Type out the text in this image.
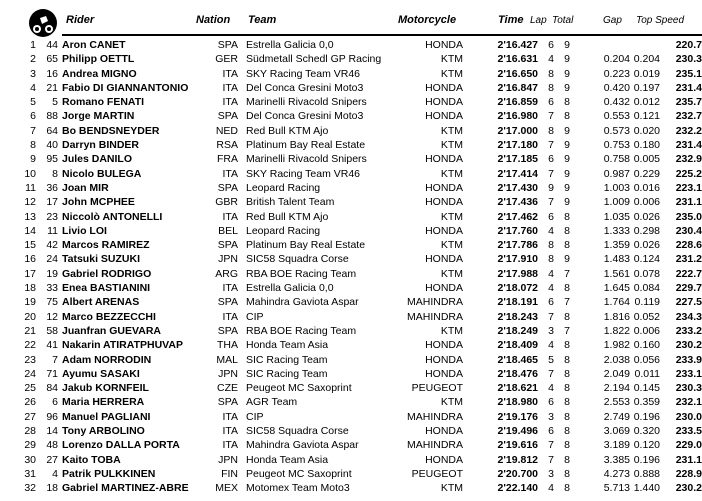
Rider	Nation Team	Motorcycle	Time Lap Total	Gap Top Speed
1 44 Aron CANET	SPA Estrella Galicia 0,0	HONDA	2'16.427 6 9	220.7
2 65 Philipp OETTL	GER Südmetall Schedl GP Racing	KTM	2'16.631 4 9	0.204 0.204	230.3
3 16 Andrea MIGNO	ITA SKY Racing Team VR46	KTM	2'16.650 8 9	0.223 0.019	235.1
4 21 Fabio DI GIANNANTONIO	ITA Del Conca Gresini Moto3	HONDA	2'16.847 8 9	0.420 0.197	231.4
5	5 Romano FENATI	ITA Marinelli Rivacold Snipers	HONDA	2'16.859 6 8	0.432 0.012	235.7
6 88 Jorge MARTIN	SPA Del Conca Gresini Moto3	HONDA	2'16.980 7 8	0.553 0.121	232.7
7 64 Bo BENDSNEYDER	NED Red Bull KTM Ajo	KTM	2'17.000 8 9	0.573 0.020	232.2
8 40 Darryn BINDER	RSA Platinum Bay Real Estate	KTM	2'17.180 7 9	0.753 0.180	231.4
9 95 Jules DANILO	FRA Marinelli Rivacold Snipers	HONDA	2'17.185 6 9	0.758 0.005	232.9
10	8 Nicolo BULEGA	ITA SKY Racing Team VR46	KTM	2'17.414 7 9	0.987 0.229	225.2
11 36 Joan MIR	SPA Leopard Racing	HONDA	2'17.430 9 9	1.003 0.016	223.1
12 17 John MCPHEE	GBR British Talent Team	HONDA	2'17.436 7 9	1.009 0.006	231.1
13 23 Niccolò ANTONELLI	ITA Red Bull KTM Ajo	KTM	2'17.462 6 8	1.035 0.026	235.0
14	11 Livio LOI	BEL Leopard Racing	HONDA	2'17.760 4 8	1.333 0.298	230.4
15 42 Marcos RAMIREZ	SPA Platinum Bay Real Estate	KTM	2'17.786 8 8	1.359 0.026	228.6
16 24 Tatsuki SUZUKI	JPN SIC58 Squadra Corse	HONDA	2'17.910 8 9	1.483 0.124	231.2
17 19 Gabriel RODRIGO	ARG RBA BOE Racing Team	KTM	2'17.988 4 7	1.561 0.078	222.7
18 33 Enea BASTIANINI	ITA Estrella Galicia 0,0	HONDA	2'18.072 4 8	1.645 0.084	229.7
19 75 Albert ARENAS	SPA Mahindra Gaviota Aspar	MAHINDRA	2'18.191 6 7	1.764 0.119	227.5
20 12 Marco BEZZECCHI	ITA CIP	MAHINDRA	2'18.243 7 8	1.816 0.052	234.3
21 58 Juanfran GUEVARA	SPA RBA BOE Racing Team	KTM	2'18.249 3 7	1.822 0.006	233.2
22 41 Nakarin ATIRATPHUVAP	THA Honda Team Asia	HONDA	2'18.409 4 8	1.982 0.160	230.2
23	7 Adam NORRODIN	MAL SIC Racing Team	HONDA	2'18.465 5 8	2.038 0.056	233.9
24 71 Ayumu SASAKI	JPN SIC Racing Team	HONDA	2'18.476 7 8	2.049 0.011	233.1
25 84 Jakub KORNFEIL	CZE Peugeot MC Saxoprint	PEUGEOT	2'18.621 4 8	2.194 0.145	230.3
26	6 Maria HERRERA	SPA AGR Team	KTM	2'18.980 6 8	2.553 0.359	232.1
27 96 Manuel PAGLIANI	ITA CIP	MAHINDRA	2'19.176 3 8	2.749 0.196	230.0
28 14 Tony ARBOLINO	ITA SIC58 Squadra Corse	HONDA	2'19.496 6 8	3.069 0.320	233.5
29 48 Lorenzo DALLA PORTA	ITA Mahindra Gaviota Aspar	MAHINDRA	2'19.616 7 8	3.189 0.120	229.0
30 27 Kaito TOBA	JPN Honda Team Asia	HONDA	2'19.812 7 8	3.385 0.196	231.1
31	4 Patrik PULKKINEN	FIN Peugeot MC Saxoprint	PEUGEOT	2'20.700 3 8	4.273 0.888	228.9
32 18 Gabriel MARTINEZ-ABRE	MEX Motomex Team Moto3	KTM	2'22.140 4 8	5.713 1.440	230.2
